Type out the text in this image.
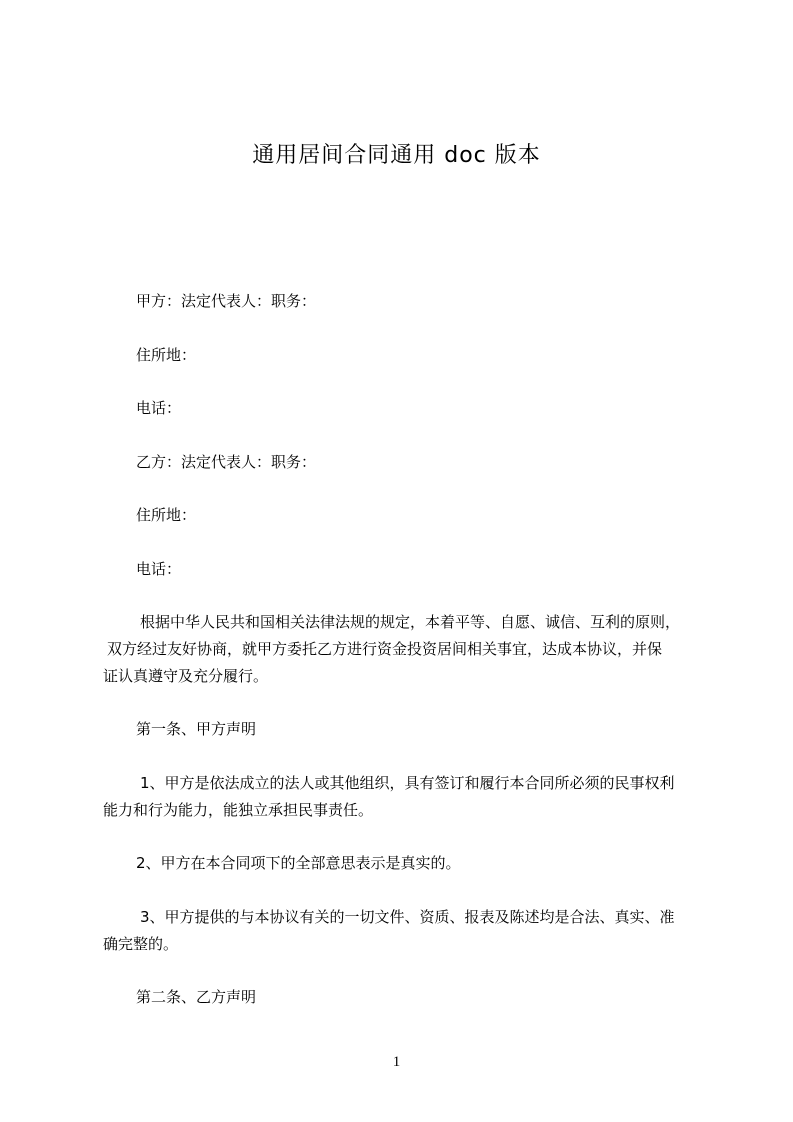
通用居间合同通用 doc 版本
甲方：法定代表人：职务：
住所地：
电话：
乙方：法定代表人：职务：
住所地：
电话：
根据中华人民共和国相关法律法规的规定，本着平等、自愿、诚信、互利的原则，
双方经过友好协商，就甲方委托乙方进行资金投资居间相关事宜，达成本协议，并保
证认真遵守及充分履行。
第一条、甲方声明
1、甲方是依法成立的法人或其他组织，具有签订和履行本合同所必须的民事权利
能力和行为能力，能独立承担民事责任。
2、甲方在本合同项下的全部意思表示是真实的。
3、甲方提供的与本协议有关的一切文件、资质、报表及陈述均是合法、真实、准
确完整的。
第二条、乙方声明
1
